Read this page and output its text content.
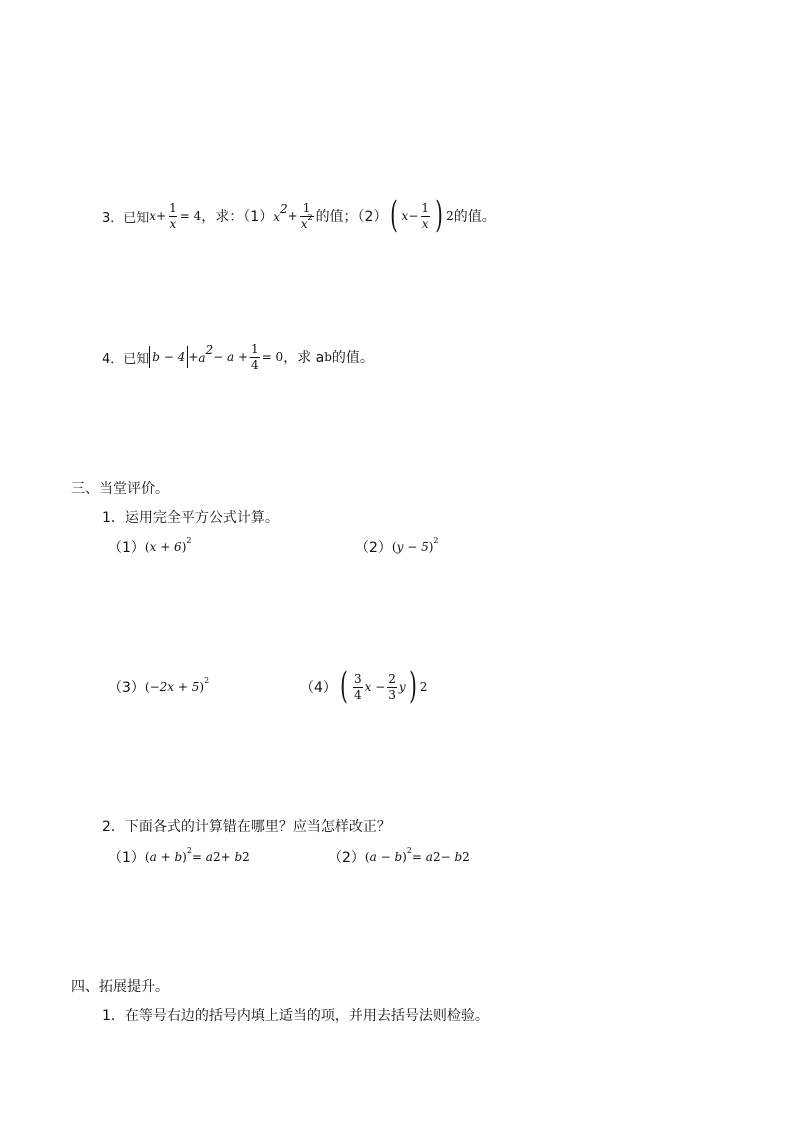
3．已知 $x + \frac{1}{x} = 4$ ，求：（1） $x^2$
+ $\frac{1}{x^2}$ 的值；（2） ( $x - \frac{1}{x}$ ) 2 的值。
4．已知 $b - 4 + a^2$
− $a + \frac{1}{4} = 0$ ，求 a b 的值。
三、当堂评价。
1．运用完全平方公式计算。
（1） $(x + 6)^2$	（2） $(y - 5)^2$
（3） $(-2x + 5)^2$	（4） ( $\frac{3}{4}$ $x - \frac{2}{3}$ y ) 2
2．下面各式的计算错在哪里？应当怎样改正？
（1） $(a + b)^2 = a$ 2 + b 2	（2） $(a - b)^2 = a$ 2 − b 2
四、拓展提升。
1．在等号右边的括号内填上适当的项，并用去括号法则检验。
